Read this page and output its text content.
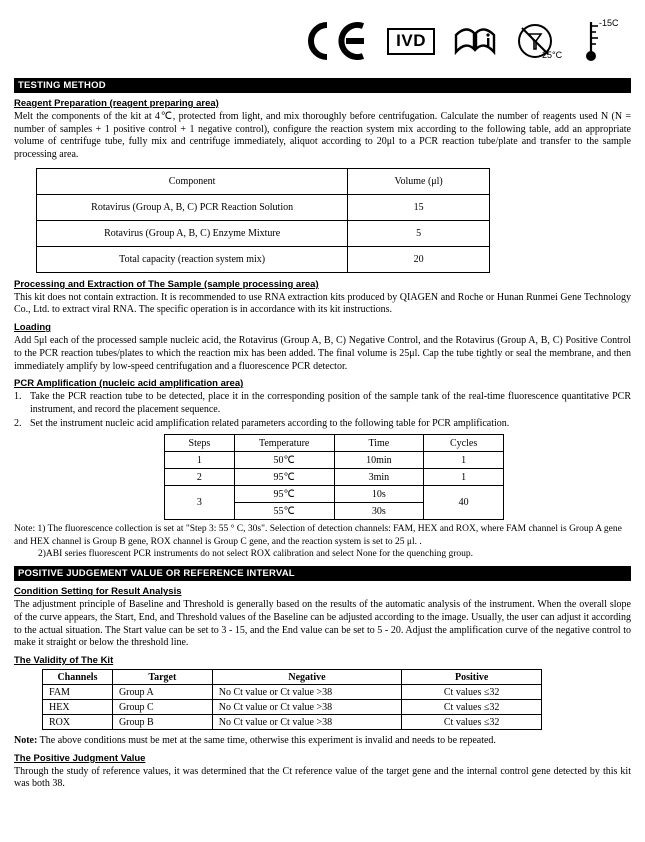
IVD
-15C
-25°C
TESTING METHOD
Reagent Preparation (reagent preparing area)

Melt the components of the kit at 4℃, protected from light, and mix thoroughly before centrifugation. Calculate the number of reagents used N (N = number of samples + 1 positive control + 1 negative control), configure the reaction system mix according to the following table, add an appropriate volume of centrifuge tube, fully mix and centrifuge immediately, aliquot according to 20μl to a PCR reaction tube/plate and transfer to the sample processing area.

Component	Volume (μl)
Rotavirus (Group A, B, C) PCR Reaction Solution	15
Rotavirus (Group A, B, C) Enzyme Mixture	5
Total capacity (reaction system mix)	20
Processing and Extraction of The Sample (sample processing area)

This kit does not contain extraction. It is recommended to use RNA extraction kits produced by QIAGEN and Roche or Hunan Runmei Gene Technology Co., Ltd. to extract viral RNA. The specific operation is in accordance with its kit instructions.

Loading

Add 5μl each of the processed sample nucleic acid, the Rotavirus (Group A, B, C) Negative Control, and the Rotavirus (Group A, B, C) Positive Control to the PCR reaction tubes/plates to which the reaction mix has been added. The final volume is 25μl. Cap the tube tightly or seal the membrane, and then immediately amplify by low-speed centrifugation and a fluorescence PCR detector.

PCR Amplification (nucleic acid amplification area)
1. Take the PCR reaction tube to be detected, place it in the corresponding position of the sample tank of the real-time fluorescence quantitative PCR instrument, and record the placement sequence.
2. Set the instrument nucleic acid amplification related parameters according to the following table for PCR amplification.
Steps	Temperature	Time	Cycles
1	50℃	10min	1
2	95℃	3min	1
3	95℃	10s	40
	55℃	30s	
Note: 1) The fluorescence collection is set at "Step 3: 55 ° C, 30s". Selection of detection channels: FAM, HEX and ROX, where FAM channel is Group A gene and HEX channel is Group B gene, ROX channel is Group C gene, and the reaction system is set to 25 μl. .
2)ABI series fluorescent PCR instruments do not select ROX calibration and select None for the quenching group.
POSITIVE JUDGEMENT VALUE OR REFERENCE INTERVAL
Condition Setting for Result Analysis

The adjustment principle of Baseline and Threshold is generally based on the results of the automatic analysis of the instrument. When the overall slope of the curve appears, the Start, End, and Threshold values of the Baseline can be adjusted according to the image. Usually, the user can adjust it according to the actual situation. The Start value can be set to 3 - 15, and the End value can be set to 5 - 20. Adjust the amplification curve of the negative control to make it straight or below the threshold line.

The Validity of The Kit
Channels	Target	Negative	Positive
FAM	Group A	No Ct value or Ct value >38	Ct values ≤32
HEX	Group C	No Ct value or Ct value >38	Ct values ≤32
ROX	Group B	No Ct value or Ct value >38	Ct values ≤32

Note: The above conditions must be met at the same time, otherwise this experiment is invalid and needs to be repeated.

The Positive Judgment Value

Through the study of reference values, it was determined that the Ct reference value of the target gene and the internal control gene detected by this kit was both 38.
